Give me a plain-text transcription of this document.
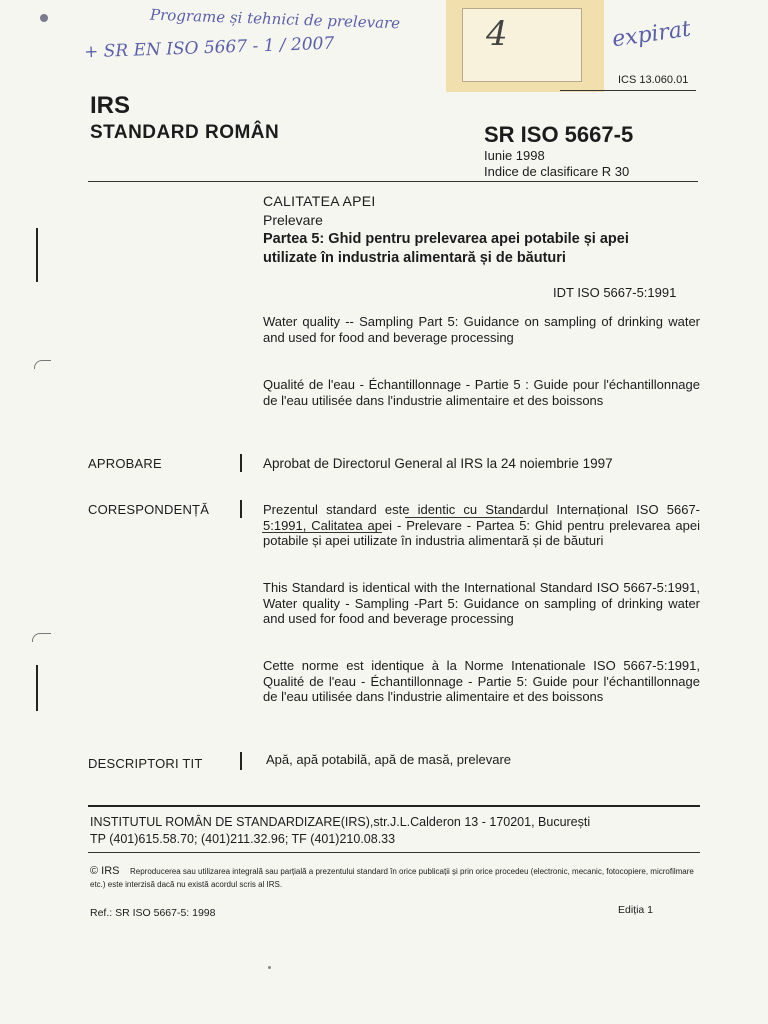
4
Programe și tehnici de prelevare
+ SR EN ISO 5667 - 1 / 2007	expirat
ICS 13.060.01
IRS
STANDARD ROMÂN	SR ISO 5667-5
Iunie 1998
Indice de clasificare R 30
CALITATEA APEI
Prelevare
Partea 5: Ghid pentru prelevarea apei potabile și apei
utilizate în industria alimentară și de băuturi
IDT ISO 5667-5:1991
Water quality -- Sampling Part 5: Guidance on sampling of drinking water and used for food and beverage processing
Qualité de l'eau - Échantillonnage - Partie 5 : Guide pour l'échantillonnage de l'eau utilisée dans l'industrie alimentaire et des boissons
APROBARE	Aprobat de Directorul General al IRS la 24 noiembrie 1997
CORESPONDENȚĂ	Prezentul standard este identic cu Standardul Internațional ISO 5667-5:1991, Calitatea apei - Prelevare - Partea 5: Ghid pentru prelevarea apei potabile și apei utilizate în industria alimentară și de băuturi
This Standard is identical with the International Standard ISO 5667-5:1991, Water quality - Sampling -Part 5: Guidance on sampling of drinking water and used for food and beverage processing
Cette norme est identique à la Norme Intenationale ISO 5667-5:1991, Qualité de l'eau - Échantillonnage - Partie 5: Guide pour l'échantillonnage de l'eau utilisée dans l'industrie alimentaire et des boissons
DESCRIPTORI TIT	Apă, apă potabilă, apă de masă, prelevare
INSTITUTUL ROMÂN DE STANDARDIZARE(IRS),str.J.L.Calderon 13 - 170201, București
TP (401)615.58.70; (401)211.32.96; TF (401)210.08.33
© IRS	Reproducerea sau utilizarea integrală sau parțială a prezentului standard în orice publicații și prin orice procedeu (electronic, mecanic, fotocopiere, microfilmare etc.) este interzisă dacă nu există acordul scris al IRS.
Ref.: SR ISO 5667-5: 1998	Ediția 1
